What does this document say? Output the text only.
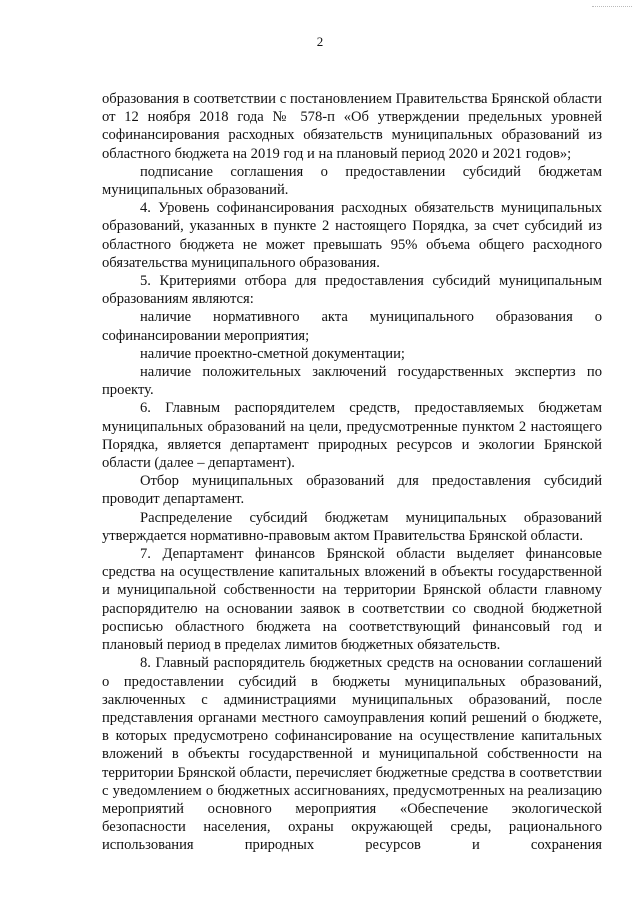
2

образования в соответствии с постановлением Правительства Брянской области от 12 ноября 2018 года № 578-п «Об утверждении предельных уровней софинансирования расходных обязательств муниципальных образований из областного бюджета на 2019 год и на плановый период 2020 и 2021 годов»;

подписание соглашения о предоставлении субсидий бюджетам муниципальных образований.

4. Уровень софинансирования расходных обязательств муниципальных образований, указанных в пункте 2 настоящего Порядка, за счет субсидий из областного бюджета не может превышать 95% объема общего расходного обязательства муниципального образования.

5. Критериями отбора для предоставления субсидий муниципальным образованиям являются:

наличие нормативного акта муниципального образования о софинансировании мероприятия;

наличие проектно-сметной документации;

наличие положительных заключений государственных экспертиз по проекту.

6. Главным распорядителем средств, предоставляемых бюджетам муниципальных образований на цели, предусмотренные пунктом 2 настоящего Порядка, является департамент природных ресурсов и экологии Брянской области (далее – департамент).

Отбор муниципальных образований для предоставления субсидий проводит департамент.

Распределение субсидий бюджетам муниципальных образований утверждается нормативно-правовым актом Правительства Брянской области.

7. Департамент финансов Брянской области выделяет финансовые средства на осуществление капитальных вложений в объекты государственной и муниципальной собственности на территории Брянской области главному распорядителю на основании заявок в соответствии со сводной бюджетной росписью областного бюджета на соответствующий финансовый год и плановый период в пределах лимитов бюджетных обязательств.

8. Главный распорядитель бюджетных средств на основании соглашений о предоставлении субсидий в бюджеты муниципальных образований, заключенных с администрациями муниципальных образований, после представления органами местного самоуправления копий решений о бюджете, в которых предусмотрено софинансирование на осуществление капитальных вложений в объекты государственной и муниципальной собственности на территории Брянской области, перечисляет бюджетные средства в соответствии с уведомлением о бюджетных ассигнованиях, предусмотренных на реализацию мероприятий основного мероприятия «Обеспечение экологической безопасности населения, охраны окружающей среды, рационального использования природных ресурсов и сохранения
